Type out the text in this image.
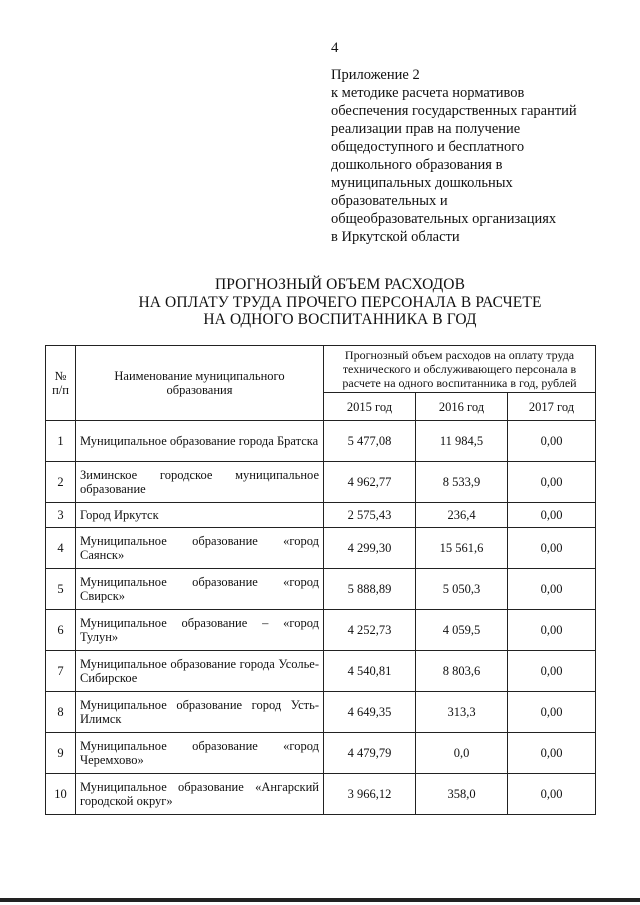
4
Приложение 2
к методике расчета нормативов
обеспечения государственных гарантий
реализации прав на получение
общедоступного и бесплатного
дошкольного образования в
муниципальных дошкольных
образовательных и
общеобразовательных организациях
в Иркутской области
ПРОГНОЗНЫЙ ОБЪЕМ РАСХОДОВ
НА ОПЛАТУ ТРУДА ПРОЧЕГО ПЕРСОНАЛА В РАСЧЕТЕ
НА ОДНОГО ВОСПИТАННИКА В ГОД
№ п/п	Наименование муниципального образования	Прогнозный объем расходов на оплату труда технического и обслуживающего персонала в расчете на одного воспитанника в год, рублей		
		2015 год	2016 год	2017 год
1	Муниципальное образование города Братска	5 477,08	11 984,5	0,00
2	Зиминское городское муниципальное образование	4 962,77	8 533,9	0,00
3	Город Иркутск	2 575,43	236,4	0,00
4	Муниципальное образование «город Саянск»	4 299,30	15 561,6	0,00
5	Муниципальное образование «город Свирск»	5 888,89	5 050,3	0,00
6	Муниципальное образование – «город Тулун»	4 252,73	4 059,5	0,00
7	Муниципальное образование города Усолье-Сибирское	4 540,81	8 803,6	0,00
8	Муниципальное образование город Усть-Илимск	4 649,35	313,3	0,00
9	Муниципальное образование «город Черемхово»	4 479,79	0,0	0,00
10	Муниципальное образование «Ангарский городской округ»	3 966,12	358,0	0,00
